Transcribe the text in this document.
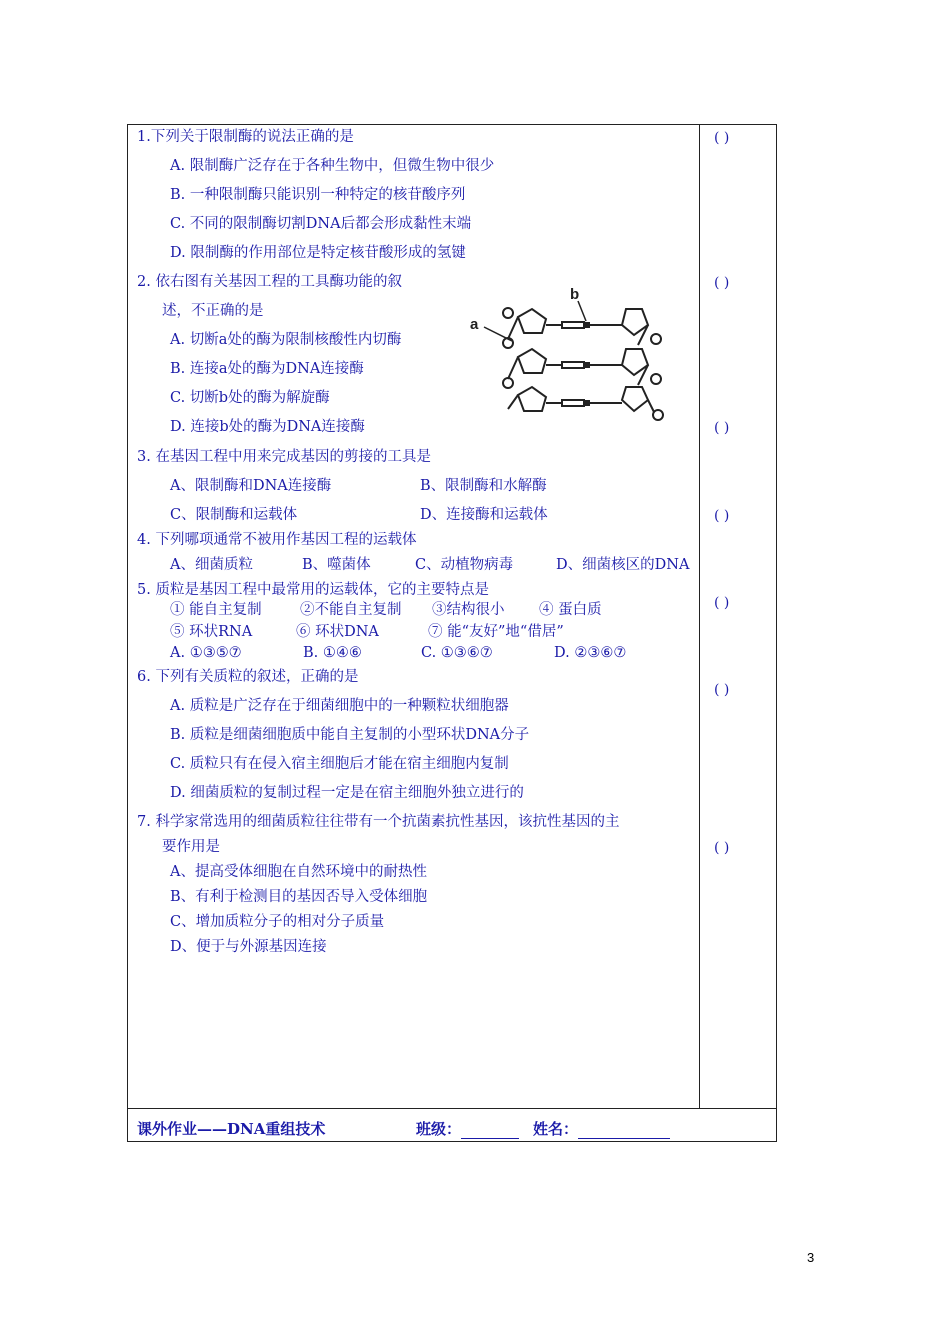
1.下列关于限制酶的说法正确的是
A. 限制酶广泛存在于各种生物中，但微生物中很少
B. 一种限制酶只能识别一种特定的核苷酸序列
C. 不同的限制酶切割DNA后都会形成黏性末端
D. 限制酶的作用部位是特定核苷酸形成的氢键
2. 依右图有关基因工程的工具酶功能的叙
述，不正确的是
A. 切断a处的酶为限制核酸性内切酶
B. 连接a处的酶为DNA连接酶
C. 切断b处的酶为解旋酶
D. 连接b处的酶为DNA连接酶
a
b
3. 在基因工程中用来完成基因的剪接的工具是
A、限制酶和DNA连接酶	B、限制酶和水解酶
C、限制酶和运载体	D、连接酶和运载体
4. 下列哪项通常不被用作基因工程的运载体
A、细菌质粒	B、噬菌体	C、动植物病毒	D、细菌核区的DNA
5. 质粒是基因工程中最常用的运载体，它的主要特点是
① 能自主复制	②不能自主复制 ③结构很小 ④ 蛋白质
⑤ 环状RNA	⑥ 环状DNA	⑦ 能“友好”地“借居”
A. ①③⑤⑦	B. ①④⑥	C. ①③⑥⑦	D. ②③⑥⑦
6. 下列有关质粒的叙述，正确的是
A. 质粒是广泛存在于细菌细胞中的一种颗粒状细胞器
B. 质粒是细菌细胞质中能自主复制的小型环状DNA分子
C. 质粒只有在侵入宿主细胞后才能在宿主细胞内复制
D. 细菌质粒的复制过程一定是在宿主细胞外独立进行的
7. 科学家常选用的细菌质粒往往带有一个抗菌素抗性基因，该抗性基因的主
要作用是
A、提高受体细胞在自然环境中的耐热性
B、有利于检测目的基因否导入受体细胞
C、增加质粒分子的相对分子质量
D、便于与外源基因连接
( )
( )
( )
( )
( )
( )
( )
课外作业——DNA重组技术	班级：	姓名：
3
